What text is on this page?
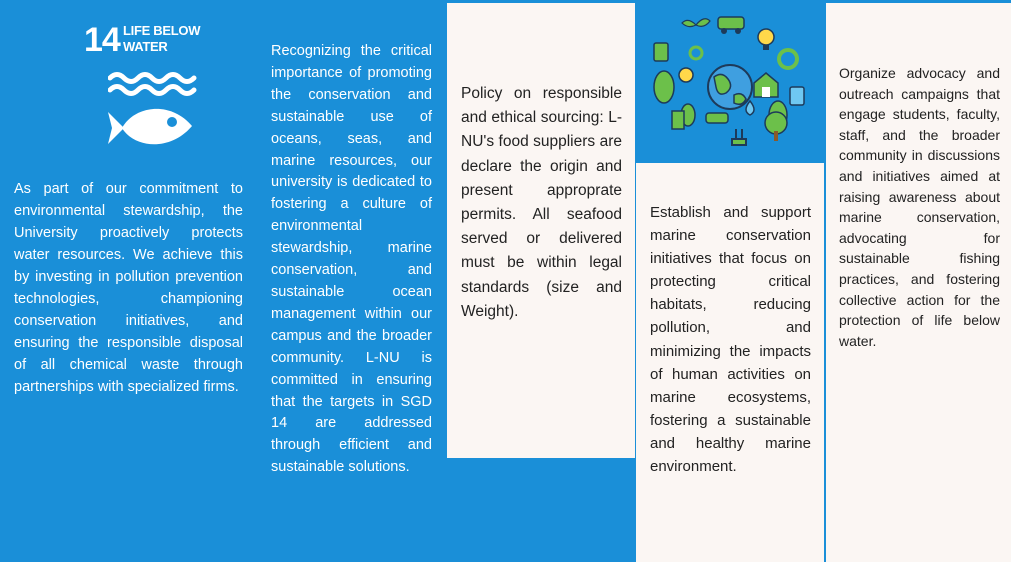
14 LIFE BELOW
WATER
As part of our commitment to environmental stewardship, the University proactively protects water resources. We achieve this by investing in pollution prevention technologies, championing conservation initiatives, and ensuring the responsible disposal of all chemical waste through partnerships with specialized firms.
Recognizing the critical importance of promoting the conservation and sustainable use of oceans, seas, and marine resources, our university is dedicated to fostering a culture of environmental stewardship, marine conservation, and sustainable ocean management within our campus and the broader community. L-NU is committed in ensuring that the targets in SGD 14 are addressed through efficient and sustainable solutions.
Policy on responsible and ethical sourcing: L-NU's food suppliers are declare the origin and present approprate permits. All seafood served or delivered must be within legal standards (size and Weight).
Establish and support marine conservation initiatives that focus on protecting critical habitats, reducing pollution, and minimizing the impacts of human activities on marine ecosystems, fostering a sustainable and healthy marine environment.
Organize advocacy and outreach campaigns that engage students, faculty, staff, and the broader community in discussions and initiatives aimed at raising awareness about marine conservation, advocating for sustainable fishing practices, and fostering collective action for the protection of life below water.
